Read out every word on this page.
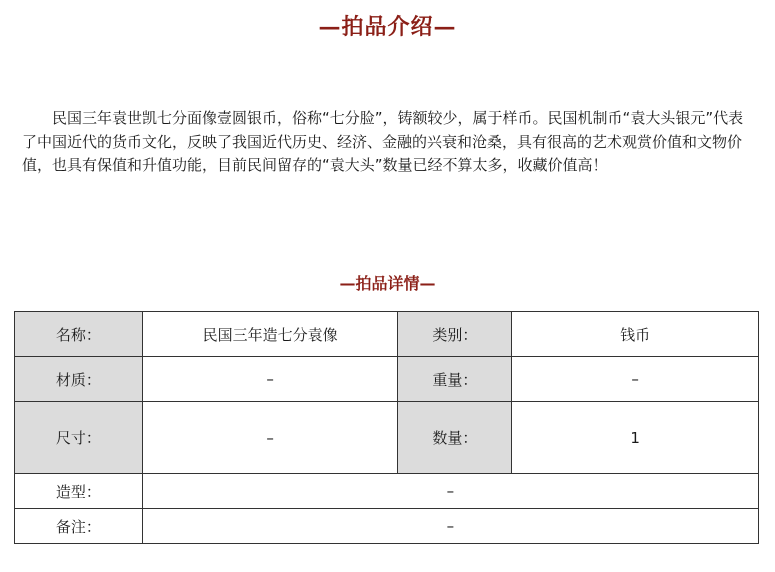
—拍品介绍—

民国三年袁世凯七分面像壹圆银币，俗称“七分脸”，铸额较少，属于样币。民国机制币“袁大头银元”代表了中国近代的货币文化，反映了我国近代历史、经济、金融的兴衰和沧桑，具有很高的艺术观赏价值和文物价值，也具有保值和升值功能，目前民间留存的“袁大头”数量已经不算太多，收藏价值高！

—拍品详情—
名称：	民国三年造七分袁像	类别：	钱币
材质：	–	重量：	–
尺寸：	–	数量：	1
造型：	–		
备注：	–		
